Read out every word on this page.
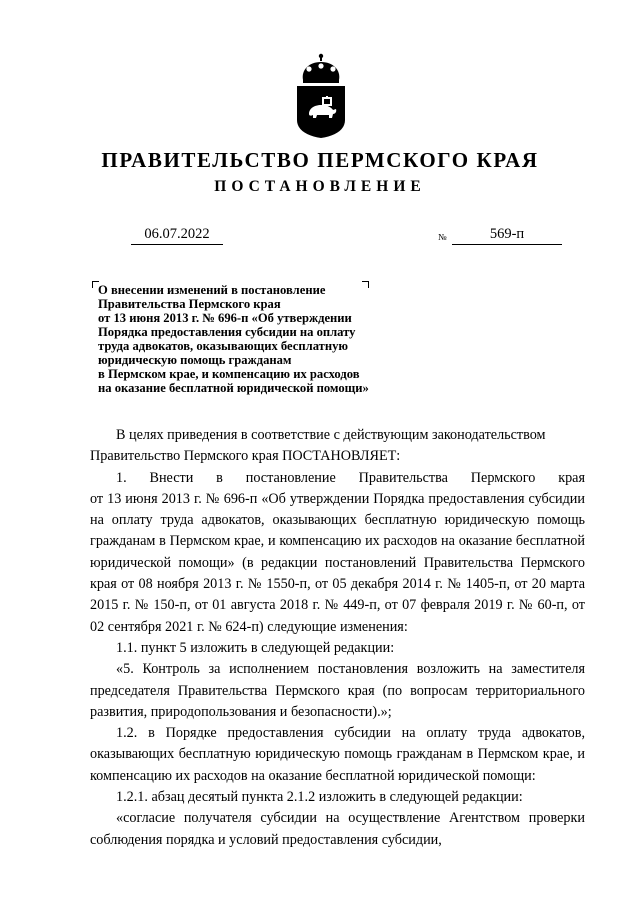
ПРАВИТЕЛЬСТВО ПЕРМСКОГО КРАЯ
ПОСТАНОВЛЕНИЕ
06.07.2022	№	569-п
О внесении изменений в постановление
Правительства Пермского края
от 13 июня 2013 г. № 696-п «Об утверждении
Порядка предоставления субсидии на оплату
труда адвокатов, оказывающих бесплатную
юридическую помощь гражданам
в Пермском крае, и компенсацию их расходов
на оказание бесплатной юридической помощи»

В целях приведения в соответствие с действующим законодательством

Правительство Пермского края ПОСТАНОВЛЯЕТ:

1. Внести в постановление Правительства Пермского края

от 13 июня 2013 г. № 696-п «Об утверждении Порядка предоставления субсидии на оплату труда адвокатов, оказывающих бесплатную юридическую помощь гражданам в Пермском крае, и компенсацию их расходов на оказание бесплатной юридической помощи» (в редакции постановлений Правительства Пермского края от 08 ноября 2013 г. № 1550-п, от 05 декабря 2014 г. № 1405-п, от 20 марта 2015 г. № 150-п, от 01 августа 2018 г. № 449-п, от 07 февраля 2019 г. № 60-п, от 02 сентября 2021 г. № 624-п) следующие изменения:

1.1. пункт 5 изложить в следующей редакции:

«5. Контроль за исполнением постановления возложить на заместителя председателя Правительства Пермского края (по вопросам территориального развития, природопользования и безопасности).»;

1.2. в Порядке предоставления субсидии на оплату труда адвокатов, оказывающих бесплатную юридическую помощь гражданам в Пермском крае, и компенсацию их расходов на оказание бесплатной юридической помощи:

1.2.1. абзац десятый пункта 2.1.2 изложить в следующей редакции:

«согласие получателя субсидии на осуществление Агентством проверки соблюдения порядка и условий предоставления субсидии,
